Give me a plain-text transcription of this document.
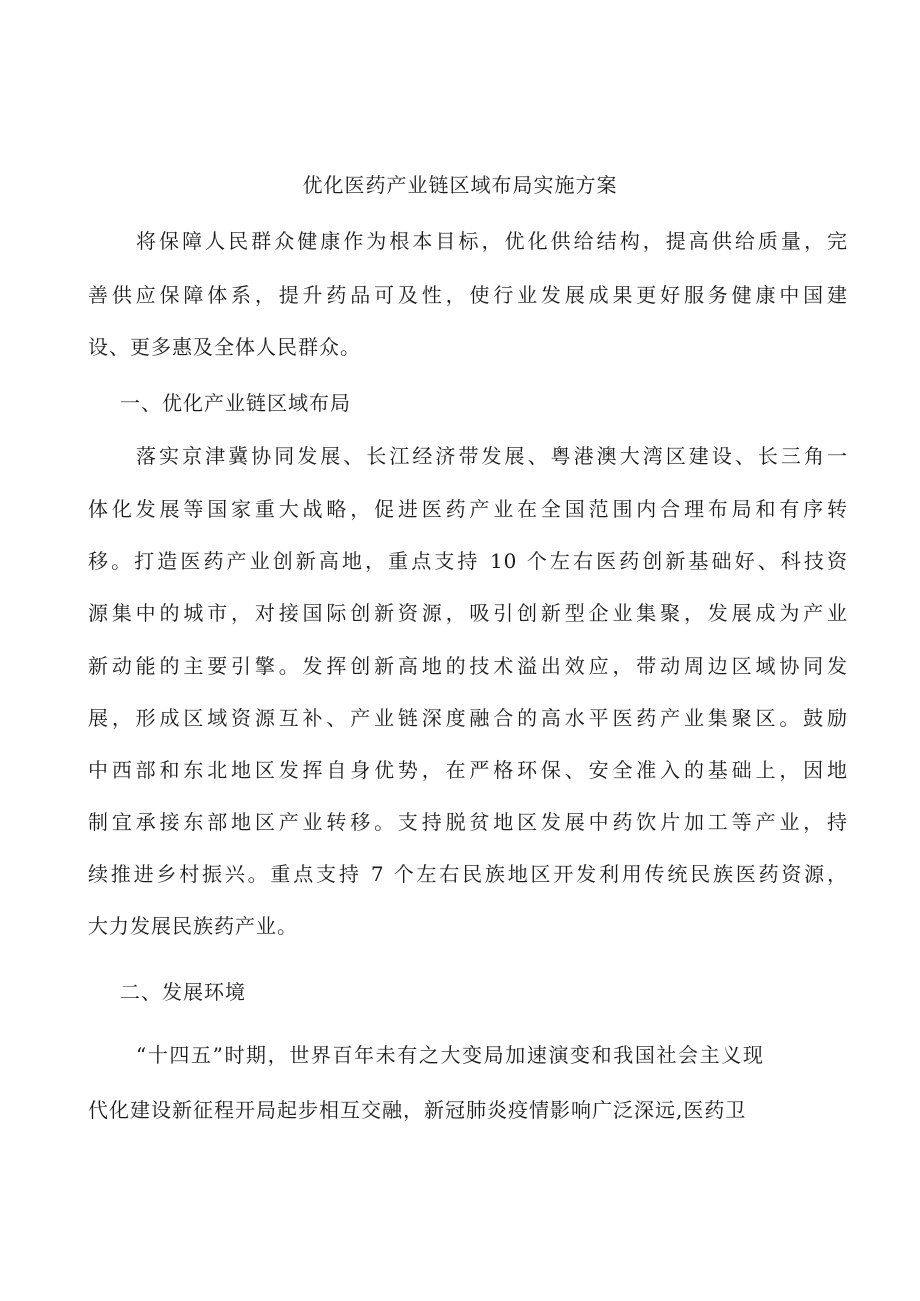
优化医药产业链区域布局实施方案
将保障人民群众健康作为根本目标，优化供给结构，提高供给质量，完
善供应保障体系，提升药品可及性，使行业发展成果更好服务健康中国建
设、更多惠及全体人民群众。
一、优化产业链区域布局
落实京津冀协同发展、长江经济带发展、粤港澳大湾区建设、长三角一
体化发展等国家重大战略，促进医药产业在全国范围内合理布局和有序转
移。打造医药产业创新高地，重点支持 10 个左右医药创新基础好、科技资
源集中的城市，对接国际创新资源，吸引创新型企业集聚，发展成为产业
新动能的主要引擎。发挥创新高地的技术溢出效应，带动周边区域协同发
展，形成区域资源互补、产业链深度融合的高水平医药产业集聚区。鼓励
中西部和东北地区发挥自身优势，在严格环保、安全准入的基础上，因地
制宜承接东部地区产业转移。支持脱贫地区发展中药饮片加工等产业，持
续推进乡村振兴。重点支持 7 个左右民族地区开发利用传统民族医药资源，
大力发展民族药产业。
二、发展环境
“十四五”时期，世界百年未有之大变局加速演变和我国社会主义现
代化建设新征程开局起步相互交融，新冠肺炎疫情影响广泛深远,医药卫
